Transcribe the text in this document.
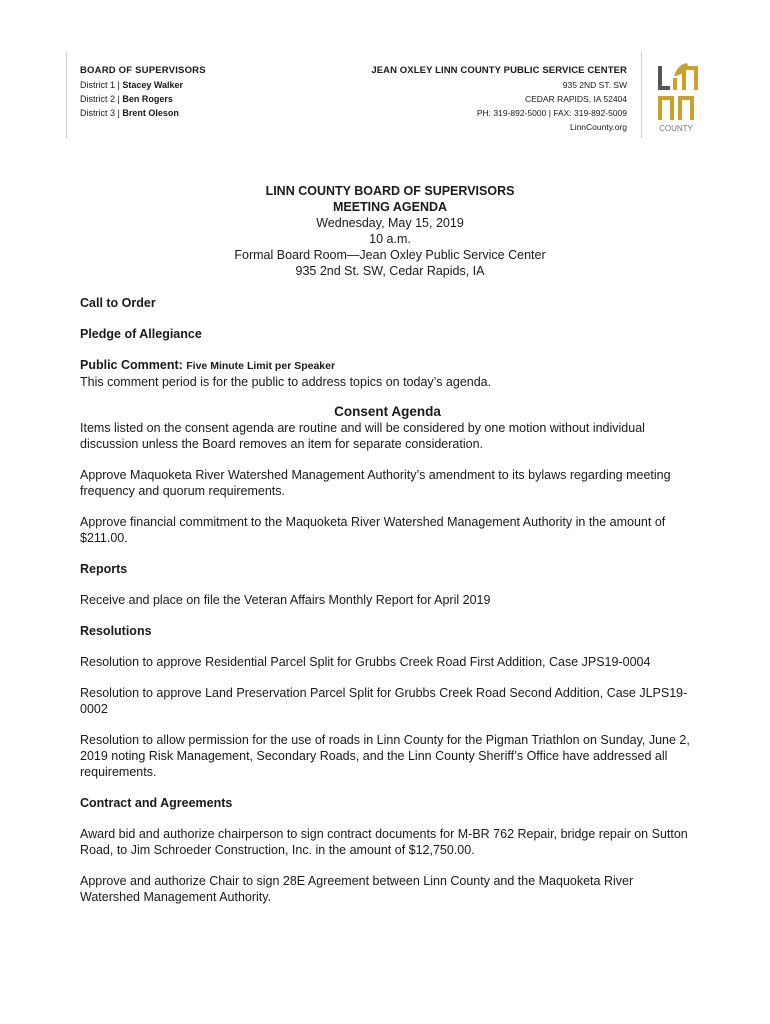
BOARD OF SUPERVISORS
District 1 | Stacey Walker
District 2 | Ben Rogers
District 3 | Brent Oleson
JEAN OXLEY LINN COUNTY PUBLIC SERVICE CENTER
935 2ND ST. SW
CEDAR RAPIDS, IA 52404
PH: 319-892-5000 | FAX: 319-892-5009
LinnCounty.org	COUNTY
LINN COUNTY BOARD OF SUPERVISORS
MEETING AGENDA
Wednesday, May 15, 2019
10 a.m.
Formal Board Room—Jean Oxley Public Service Center
935 2nd St. SW, Cedar Rapids, IA

Call to Order

Pledge of Allegiance

Public Comment: Five Minute Limit per Speaker

This comment period is for the public to address topics on today’s agenda.

Consent Agenda

Items listed on the consent agenda are routine and will be considered by one motion without individual discussion unless the Board removes an item for separate consideration.

Approve Maquoketa River Watershed Management Authority’s amendment to its bylaws regarding meeting frequency and quorum requirements.

Approve financial commitment to the Maquoketa River Watershed Management Authority in the amount of $211.00.

Reports

Receive and place on file the Veteran Affairs Monthly Report for April 2019

Resolutions

Resolution to approve Residential Parcel Split for Grubbs Creek Road First Addition, Case JPS19-0004

Resolution to approve Land Preservation Parcel Split for Grubbs Creek Road Second Addition, Case JLPS19-0002

Resolution to allow permission for the use of roads in Linn County for the Pigman Triathlon on Sunday, June 2, 2019 noting Risk Management, Secondary Roads, and the Linn County Sheriff’s Office have addressed all requirements.

Contract and Agreements

Award bid and authorize chairperson to sign contract documents for M-BR 762 Repair, bridge repair on Sutton Road, to Jim Schroeder Construction, Inc. in the amount of $12,750.00.

Approve and authorize Chair to sign 28E Agreement between Linn County and the Maquoketa River Watershed Management Authority.
